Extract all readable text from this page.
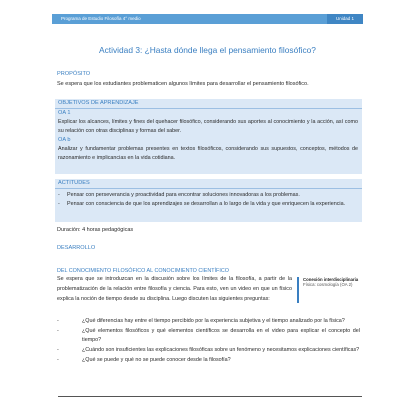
Programa de Estudio Filosofía 4° medio	Unidad 1
Actividad 3: ¿Hasta dónde llega el pensamiento filosófico?
PROPÓSITO
Se espera que los estudiantes problematicen algunos límites para desarrollar el pensamiento filosófico.
OBJETIVOS DE APRENDIZAJE
OA 1
Explicar los alcances, límites y fines del quehacer filosófico, considerando sus aportes al conocimiento y la acción, así como su relación con otras disciplinas y formas del saber.
OA b
Analizar y fundamentar problemas presentes en textos filosóficos, considerando sus supuestos, conceptos, métodos de razonamiento e implicancias en la vida cotidiana.
ACTITUDES
- Pensar con perseverancia y proactividad para encontrar soluciones innovadoras a los problemas.
- Pensar con consciencia de que los aprendizajes se desarrollan a lo largo de la vida y que enriquecen la experiencia.
Duración: 4 horas pedagógicas
DESARROLLO
DEL CONOCIMIENTO FILOSÓFICO AL CONOCIMIENTO CIENTÍFICO
Se espera que se introduzcan en la discusión sobre los límites de la filosofía, a partir de la problematización de la relación entre filosofía y ciencia. Para esto, ven un video en que un físico explica la noción de tiempo desde su disciplina. Luego discuten las siguientes preguntas:
Conexión interdisciplinaria
Física: cosmología (OA 2)
- ¿Qué diferencias hay entre el tiempo percibido por la experiencia subjetiva y el tiempo analizado por la física?
- ¿Qué elementos filosóficos y qué elementos científicos se desarrolla en el video para explicar el concepto del tiempo?
- ¿Cuándo son insuficientes las explicaciones filosóficas sobre un fenómeno y necesitamos explicaciones científicas?
- ¿Qué se puede y qué no se puede conocer desde la filosofía?
